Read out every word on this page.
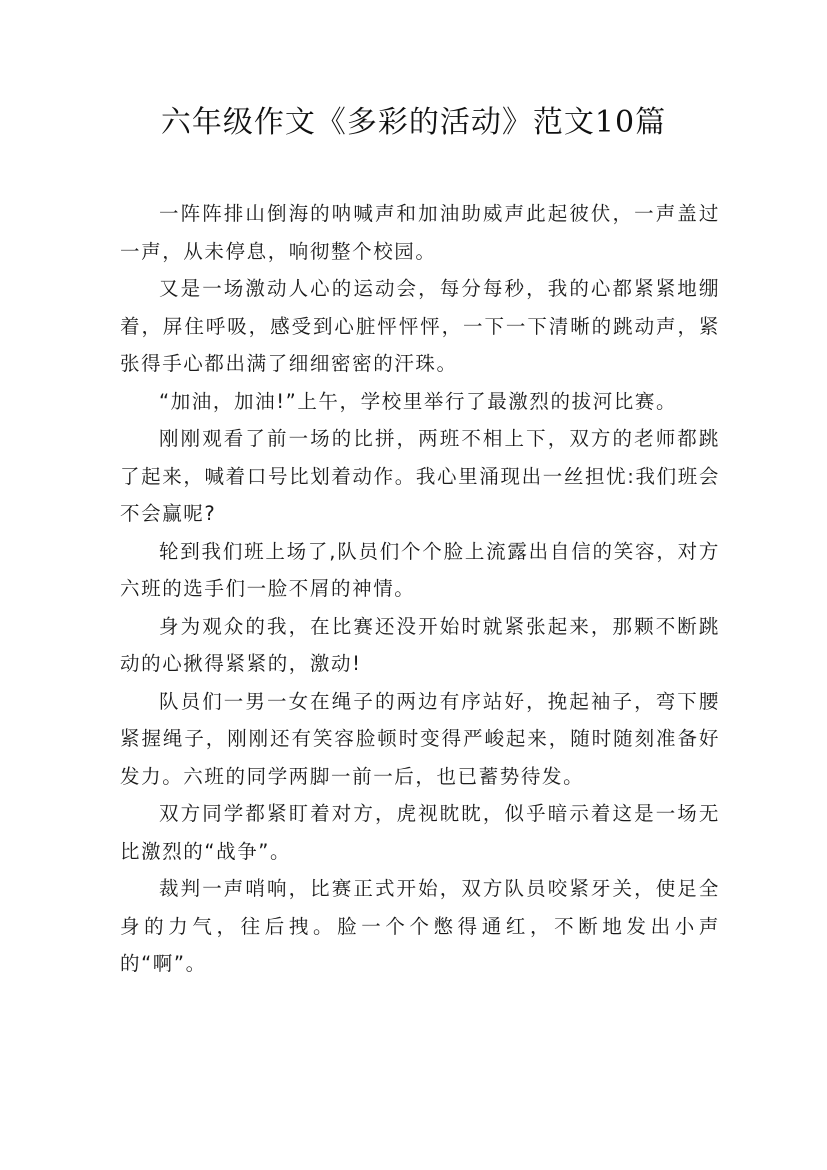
六年级作文《多彩的活动》范文10篇

一阵阵排山倒海的呐喊声和加油助威声此起彼伏，一声盖过一声，从未停息，响彻整个校园。

又是一场激动人心的运动会，每分每秒，我的心都紧紧地绷着，屏住呼吸，感受到心脏怦怦怦，一下一下清晰的跳动声，紧张得手心都出满了细细密密的汗珠。

“加油，加油!”上午，学校里举行了最激烈的拔河比赛。

刚刚观看了前一场的比拼，两班不相上下，双方的老师都跳了起来，喊着口号比划着动作。我心里涌现出一丝担忧:我们班会不会赢呢?

轮到我们班上场了,队员们个个脸上流露出自信的笑容，对方六班的选手们一脸不屑的神情。

身为观众的我，在比赛还没开始时就紧张起来，那颗不断跳动的心揪得紧紧的，激动!

队员们一男一女在绳子的两边有序站好，挽起袖子，弯下腰紧握绳子，刚刚还有笑容脸顿时变得严峻起来，随时随刻准备好发力。六班的同学两脚一前一后，也已蓄势待发。

双方同学都紧盯着对方，虎视眈眈，似乎暗示着这是一场无比激烈的“战争”。

裁判一声哨响，比赛正式开始，双方队员咬紧牙关，使足全身的力气，往后拽。脸一个个憋得通红，不断地发出小声的“啊”。
